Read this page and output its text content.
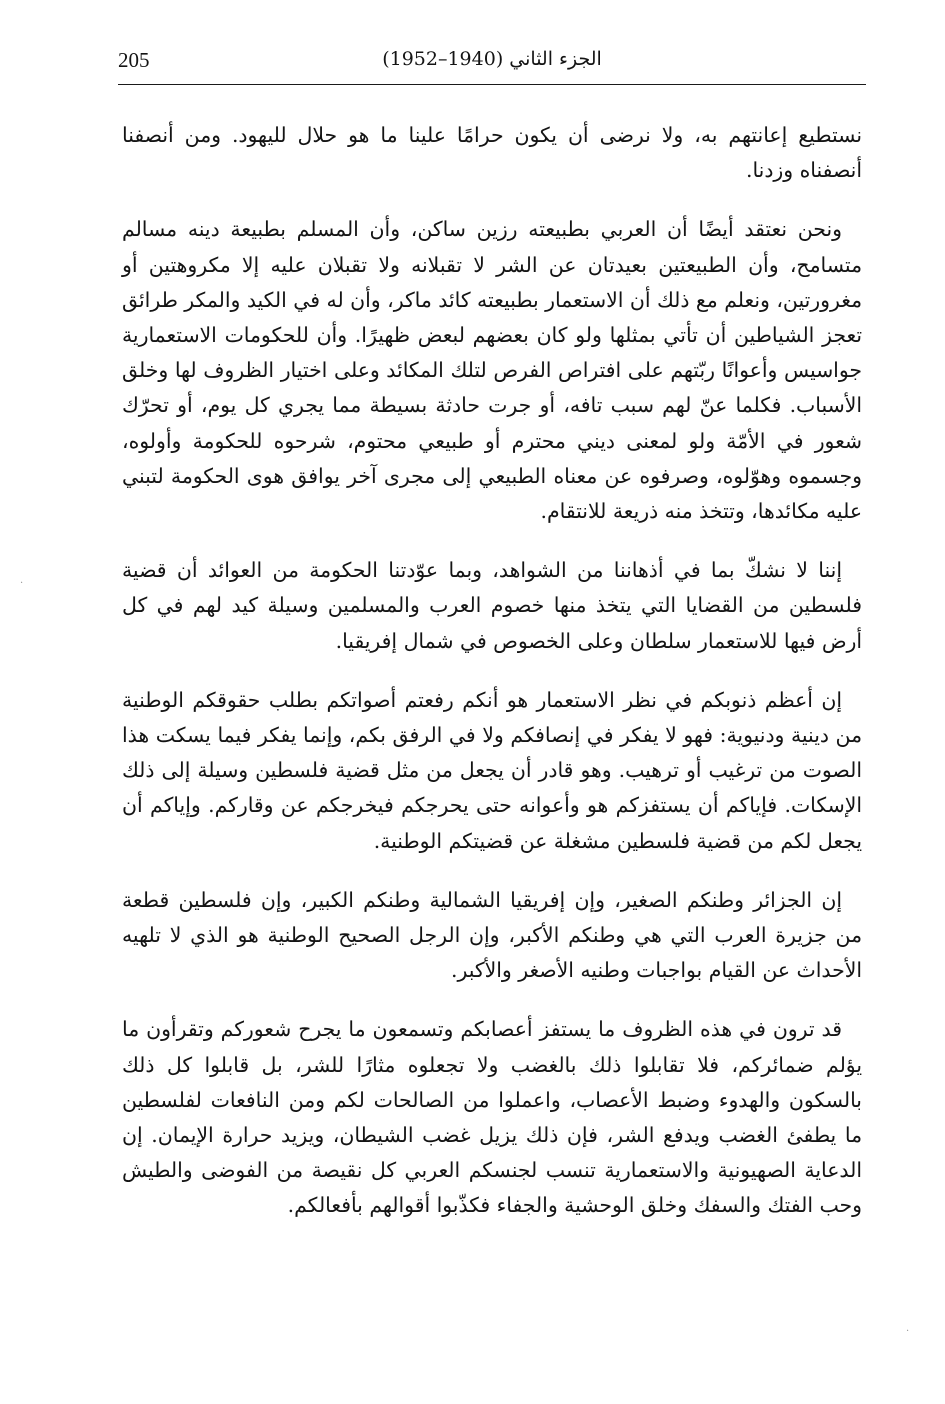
205	الجزء الثاني (1940–1952)

نستطيع إعانتهم به، ولا نرضى أن يكون حرامًا علينا ما هو حلال لليهود. ومن أنصفنا أنصفناه وزدنا.

ونحن نعتقد أيضًا أن العربي بطبيعته رزين ساكن، وأن المسلم بطبيعة دينه مسالم متسامح، وأن الطبيعتين بعيدتان عن الشر لا تقبلانه ولا تقبلان عليه إلا مكروهتين أو مغرورتين، ونعلم مع ذلك أن الاستعمار بطبيعته كائد ماكر، وأن له في الكيد والمكر طرائق تعجز الشياطين أن تأتي بمثلها ولو كان بعضهم لبعض ظهيرًا. وأن للحكومات الاستعمارية جواسيس وأعوانًا ربّتهم على افتراص الفرص لتلك المكائد وعلى اختيار الظروف لها وخلق الأسباب. فكلما عنّ لهم سبب تافه، أو جرت حادثة بسيطة مما يجري كل يوم، أو تحرّك شعور في الأمّة ولو لمعنى ديني محترم أو طبيعي محتوم، شرحوه للحكومة وأولوه، وجسموه وهوّلوه، وصرفوه عن معناه الطبيعي إلى مجرى آخر يوافق هوى الحكومة لتبني عليه مكائدها، وتتخذ منه ذريعة للانتقام.

إننا لا نشكّ بما في أذهاننا من الشواهد، وبما عوّدتنا الحكومة من العوائد أن قضية فلسطين من القضايا التي يتخذ منها خصوم العرب والمسلمين وسيلة كيد لهم في كل أرض فيها للاستعمار سلطان وعلى الخصوص في شمال إفريقيا.

إن أعظم ذنوبكم في نظر الاستعمار هو أنكم رفعتم أصواتكم بطلب حقوقكم الوطنية من دينية ودنيوية: فهو لا يفكر في إنصافكم ولا في الرفق بكم، وإنما يفكر فيما يسكت هذا الصوت من ترغيب أو ترهيب. وهو قادر أن يجعل من مثل قضية فلسطين وسيلة إلى ذلك الإسكات. فإياكم أن يستفزكم هو وأعوانه حتى يحرجكم فيخرجكم عن وقاركم. وإياكم أن يجعل لكم من قضية فلسطين مشغلة عن قضيتكم الوطنية.

إن الجزائر وطنكم الصغير، وإن إفريقيا الشمالية وطنكم الكبير، وإن فلسطين قطعة من جزيرة العرب التي هي وطنكم الأكبر، وإن الرجل الصحيح الوطنية هو الذي لا تلهيه الأحداث عن القيام بواجبات وطنيه الأصغر والأكبر.

قد ترون في هذه الظروف ما يستفز أعصابكم وتسمعون ما يجرح شعوركم وتقرأون ما يؤلم ضمائركم، فلا تقابلوا ذلك بالغضب ولا تجعلوه مثارًا للشر، بل قابلوا كل ذلك بالسكون والهدوء وضبط الأعصاب، واعملوا من الصالحات لكم ومن النافعات لفلسطين ما يطفئ الغضب ويدفع الشر، فإن ذلك يزيل غضب الشيطان، ويزيد حرارة الإيمان. إن الدعاية الصهيونية والاستعمارية تنسب لجنسكم العربي كل نقيصة من الفوضى والطيش وحب الفتك والسفك وخلق الوحشية والجفاء فكذّبوا أقوالهم بأفعالكم.

·
·
